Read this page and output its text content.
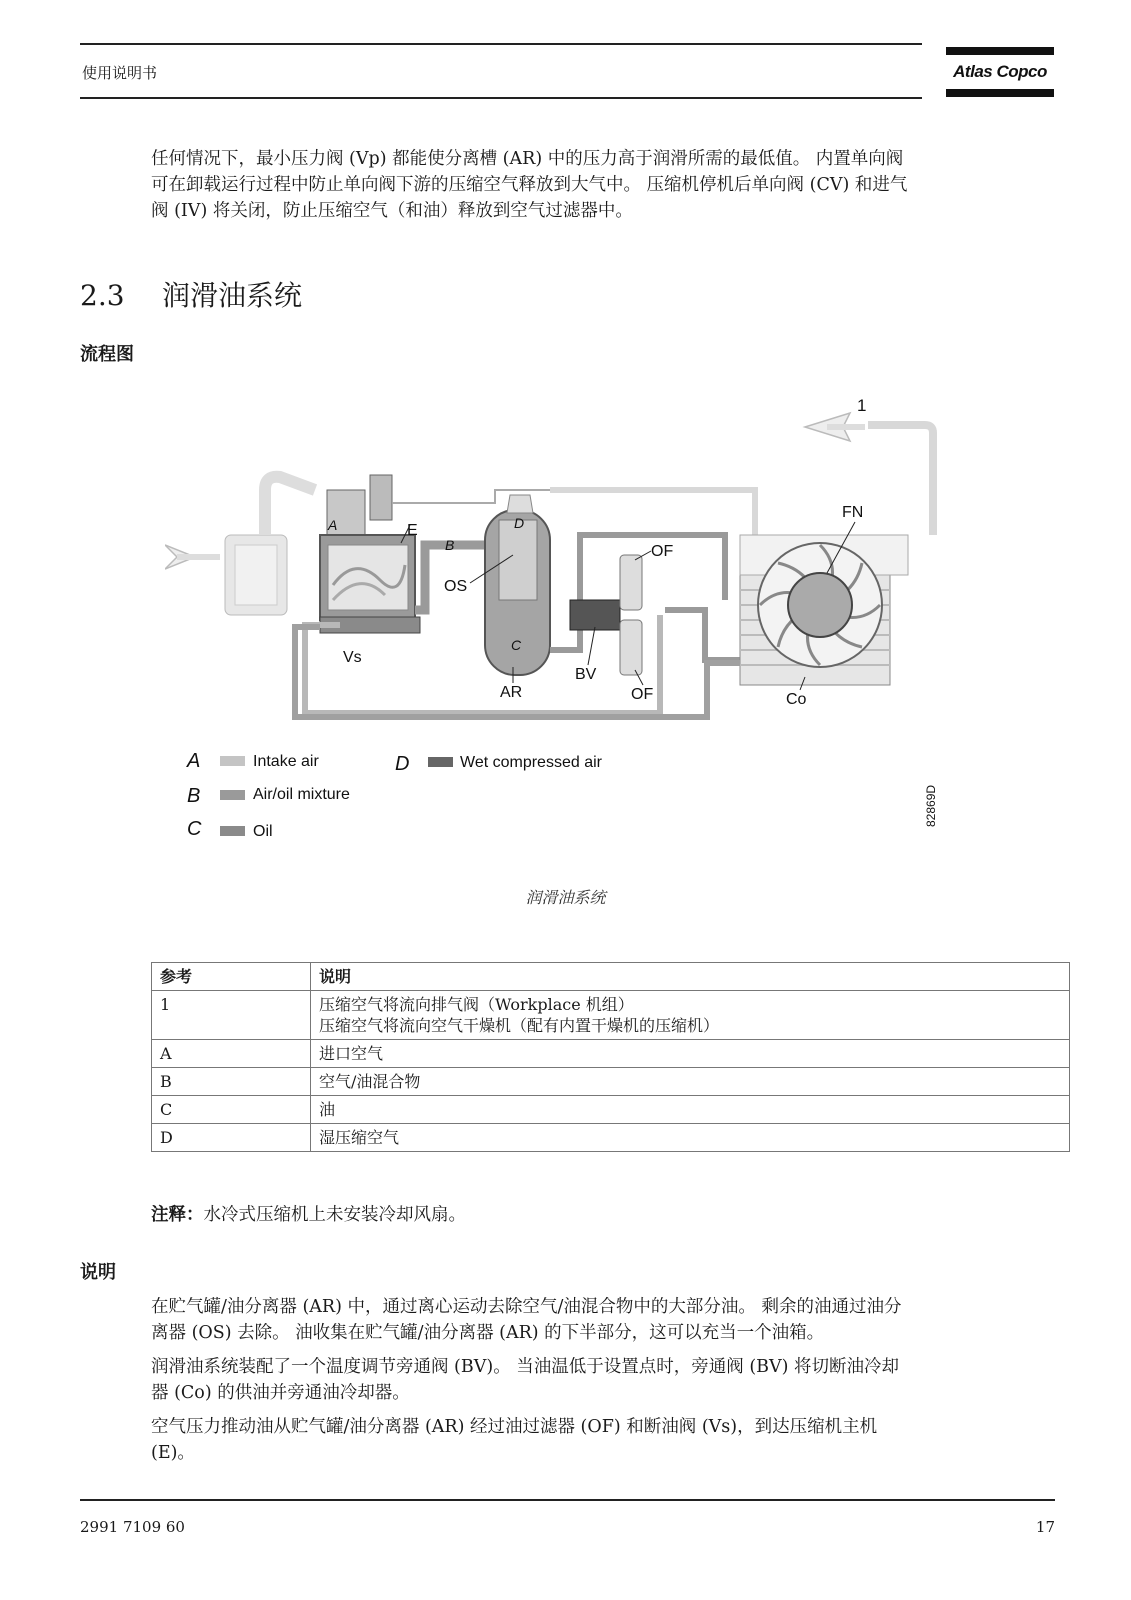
使用说明书	Atlas Copco

任何情况下，最小压力阀 (Vp) 都能使分离槽 (AR) 中的压力高于润滑所需的最低值。 内置单向阀
可在卸载运行过程中防止单向阀下游的压缩空气释放到大气中。 压缩机停机后单向阀 (CV) 和进气
阀 (IV) 将关闭，防止压缩空气（和油）释放到空气过滤器中。

2.3 润滑油系统
流程图
1
A	E	D
B
OS
C
Vs
AR
BV
OF
OF
FN
Co
A	Intake air
B	Air/oil mixture
C	Oil
D	Wet compressed air
82869D
润滑油系统
参考	说明
1	压缩空气将流向排气阀（Workplace 机组）
压缩空气将流向空气干燥机（配有内置干燥机的压缩机）

A	进口空气
B	空气/油混合物
C	油
D	湿压缩空气
注释：水冷式压缩机上未安装冷却风扇。
说明

在贮气罐/油分离器 (AR) 中，通过离心运动去除空气/油混合物中的大部分油。 剩余的油通过油分
离器 (OS) 去除。 油收集在贮气罐/油分离器 (AR) 的下半部分，这可以充当一个油箱。

润滑油系统装配了一个温度调节旁通阀 (BV)。 当油温低于设置点时，旁通阀 (BV) 将切断油冷却
器 (Co) 的供油并旁通油冷却器。

空气压力推动油从贮气罐/油分离器 (AR) 经过油过滤器 (OF) 和断油阀 (Vs)，到达压缩机主机
(E)。

2991 7109 60	17
